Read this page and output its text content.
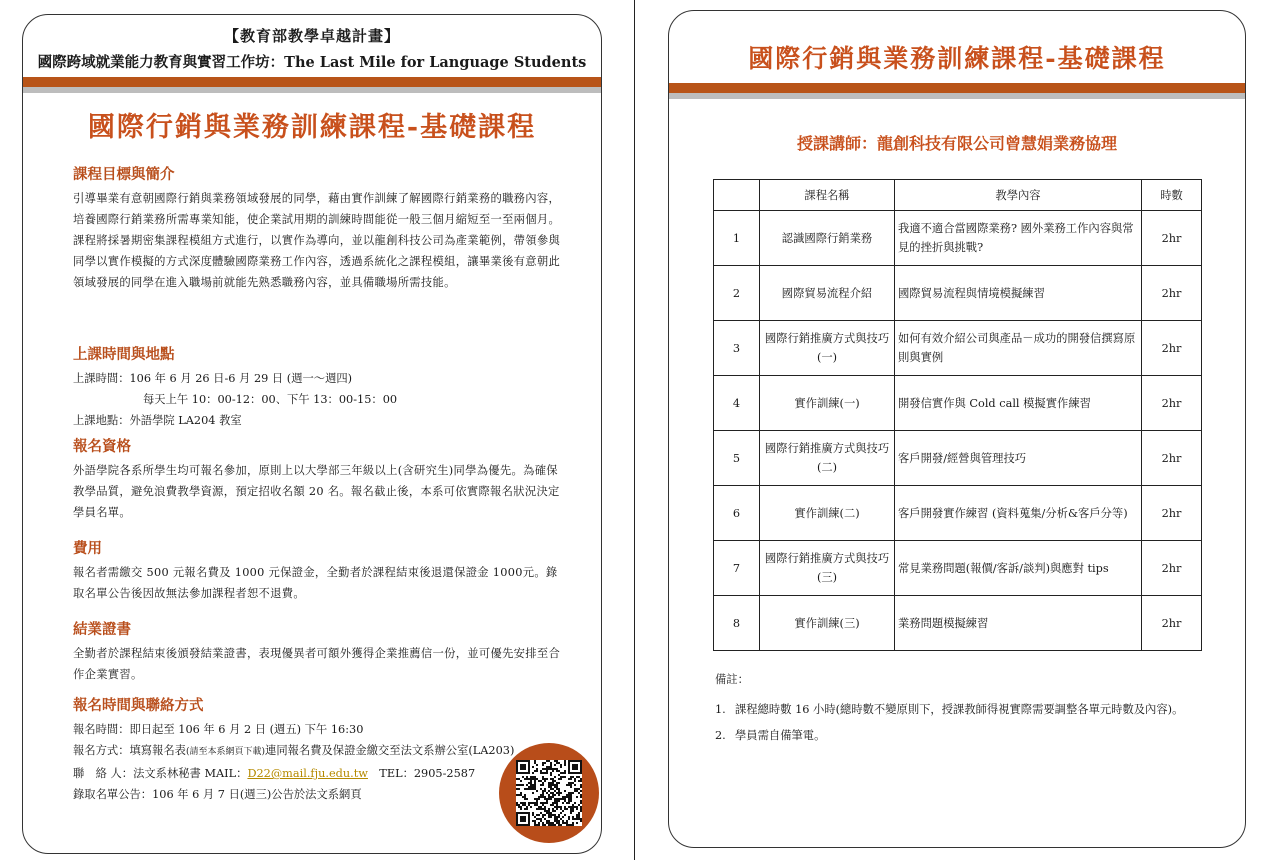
【教育部教學卓越計畫】
國際跨域就業能力教育與實習工作坊：The Last Mile for Language Students
國際行銷與業務訓練課程-基礎課程
課程目標與簡介

引導畢業有意朝國際行銷與業務領域發展的同學，藉由實作訓練了解國際行銷業務的職務內容，培養國際行銷業務所需專業知能，使企業試用期的訓練時間能從一般三個月縮短至一至兩個月。

課程將採暑期密集課程模組方式進行，以實作為導向，並以龍創科技公司為產業範例，帶領參與同學以實作模擬的方式深度體驗國際業務工作內容，透過系統化之課程模組，讓畢業後有意朝此領域發展的同學在進入職場前就能先熟悉職務內容，並具備職場所需技能。

上課時間與地點
上課時間：106 年 6 月 26 日-6 月 29 日 (週一～週四)
每天上午 10：00-12：00、下午 13：00-15：00
上課地點：外語學院 LA204 教室
報名資格

外語學院各系所學生均可報名參加，原則上以大學部三年級以上(含研究生)同學為優先。為確保教學品質，避免浪費教學資源，預定招收名額 20 名。報名截止後，本系可依實際報名狀況決定學員名單。

費用

報名者需繳交 500 元報名費及 1000 元保證金，全勤者於課程結束後退還保證金 1000元。錄取名單公告後因故無法參加課程者恕不退費。

結業證書

全勤者於課程結束後頒發結業證書，表現優異者可額外獲得企業推薦信一份，並可優先安排至合作企業實習。

報名時間與聯絡方式
報名時間：即日起至 106 年 6 月 2 日 (週五) 下午 16:30
報名方式：填寫報名表(請至本系網頁下載)連同報名費及保證金繳交至法文系辦公室(LA203)
聯　絡 人：法文系林秘書 MAIL：D22@mail.fju.edu.tw　TEL：2905-2587
錄取名單公告：106 年 6 月 7 日(週三)公告於法文系網頁
國際行銷與業務訓練課程-基礎課程
授課講師：龍創科技有限公司曾慧娟業務協理
	課程名稱	教學內容	時數
1	認識國際行銷業務	我適不適合當國際業務? 國外業務工作內容與常見的挫折與挑戰?	2hr
2	國際貿易流程介紹	國際貿易流程與情境模擬練習	2hr
3	國際行銷推廣方式與技巧(一)	如何有效介紹公司與產品－成功的開發信撰寫原則與實例	2hr
4	實作訓練(一)	開發信實作與 Cold call 模擬實作練習	2hr
5	國際行銷推廣方式與技巧(二)	客戶開發/經營與管理技巧	2hr
6	實作訓練(二)	客戶開發實作練習 (資料蒐集/分析&客戶分等)	2hr
7	國際行銷推廣方式與技巧(三)	常見業務問題(報價/客訴/談判)與應對 tips	2hr
8	實作訓練(三)	業務問題模擬練習	2hr
備註：
1. 課程總時數 16 小時(總時數不變原則下，授課教師得視實際需要調整各單元時數及內容)。
2. 學員需自備筆電。
